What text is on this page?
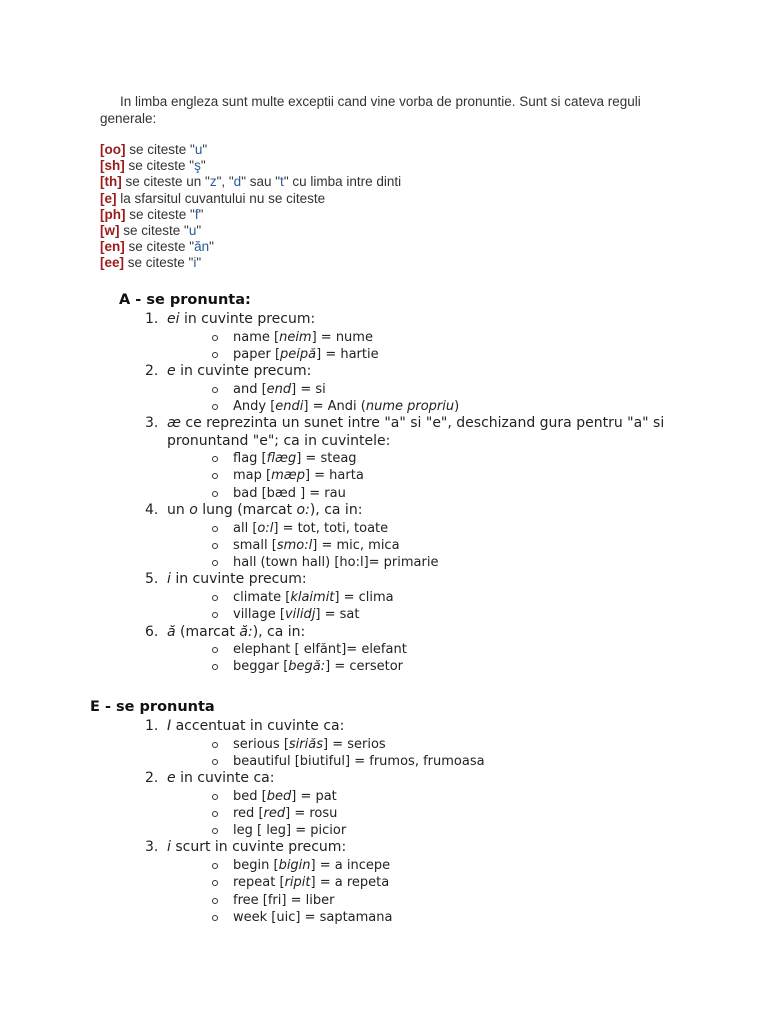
In limba engleza sunt multe exceptii cand vine vorba de pronuntie. Sunt si cateva reguli generale:
[oo] se citeste "u"
[sh] se citeste "ş"
[th] se citeste un "z", "d" sau "t" cu limba intre dinti
[e] la sfarsitul cuvantului nu se citeste
[ph] se citeste "f"
[w] se citeste "u"
[en] se citeste "ăn"
[ee] se citeste "i"
A - se pronunta:
1. ei in cuvinte precum:
name [neim] = nume
paper [peipă] = hartie
2. e in cuvinte precum:
and [end] = si
Andy [endi] = Andi (nume propriu)
3. æ ce reprezinta un sunet intre "a" si "e", deschizand gura pentru "a" si pronuntand "e"; ca in cuvintele:
flag [flæg] = steag
map [mæp] = harta
bad [bæd ] = rau
4. un o lung (marcat o:), ca in:
all [o:l] = tot, toti, toate
small [smo:l] = mic, mica
hall (town hall) [ho:l]= primarie
5. i in cuvinte precum:
climate [klaimit] = clima
village [vilidj] = sat
6. ă (marcat ă:), ca in:
elephant [ elfănt]= elefant
beggar [begă:] = cersetor
E - se pronunta
1. I accentuat in cuvinte ca:
serious [siriăs] = serios
beautiful [biutiful] = frumos, frumoasa
2. e in cuvinte ca:
bed [bed] = pat
red [red] = rosu
leg [ leg] = picior
3. i scurt in cuvinte precum:
begin [bigin] = a incepe
repeat [ripit] = a repeta
free [fri] = liber
week [uic] = saptamana
